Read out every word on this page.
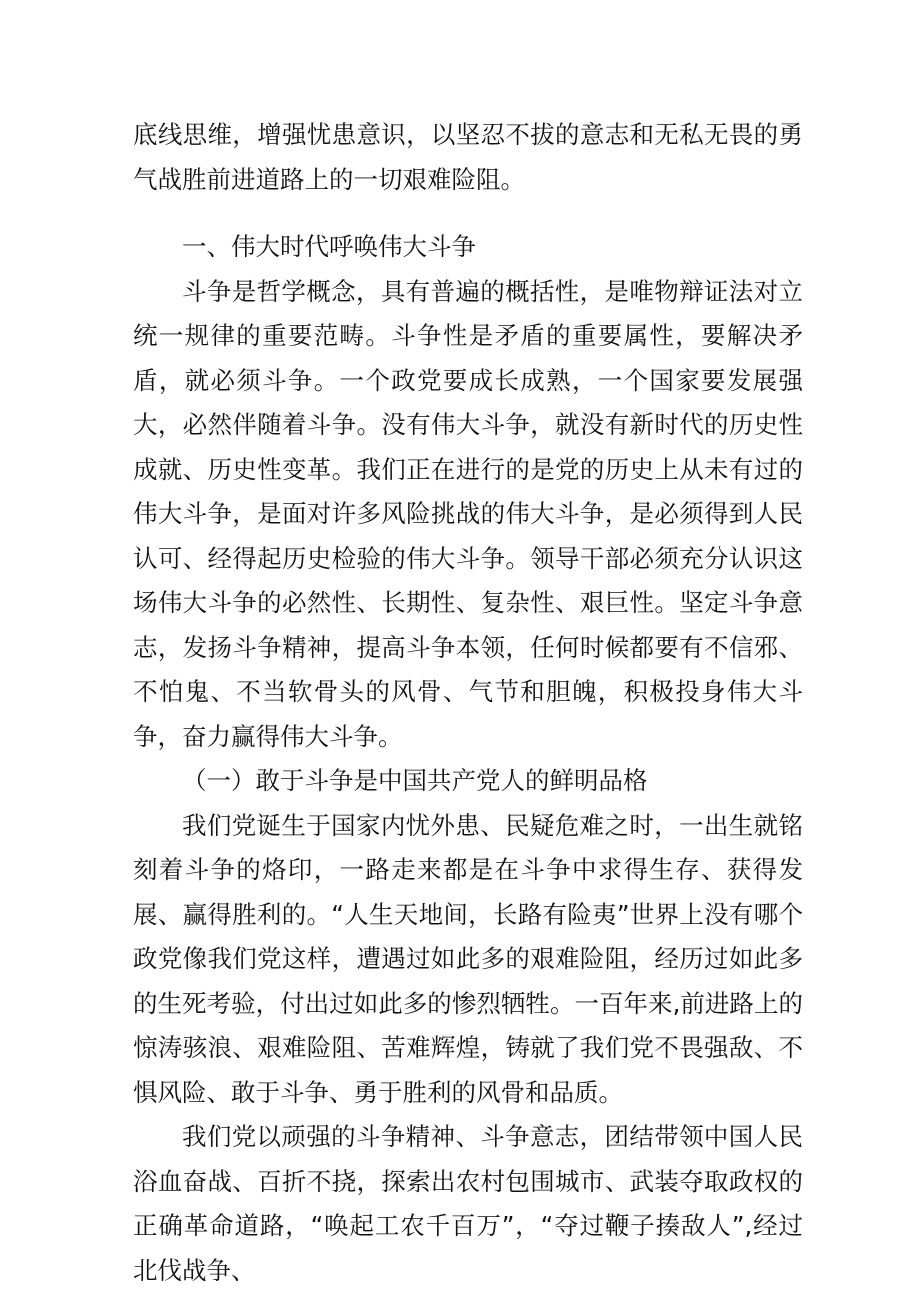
底线思维，增强忧患意识，以坚忍不拔的意志和无私无畏的勇气战胜前进道路上的一切艰难险阻。

一、伟大时代呼唤伟大斗争

斗争是哲学概念，具有普遍的概括性，是唯物辩证法对立统一规律的重要范畴。斗争性是矛盾的重要属性，要解决矛盾，就必须斗争。一个政党要成长成熟，一个国家要发展强大，必然伴随着斗争。没有伟大斗争，就没有新时代的历史性成就、历史性变革。我们正在进行的是党的历史上从未有过的伟大斗争，是面对许多风险挑战的伟大斗争，是必须得到人民认可、经得起历史检验的伟大斗争。领导干部必须充分认识这场伟大斗争的必然性、长期性、复杂性、艰巨性。坚定斗争意志，发扬斗争精神，提高斗争本领，任何时候都要有不信邪、不怕鬼、不当软骨头的风骨、气节和胆魄，积极投身伟大斗争，奋力赢得伟大斗争。

（一）敢于斗争是中国共产党人的鲜明品格

我们党诞生于国家内忧外患、民疑危难之时，一出生就铭刻着斗争的烙印，一路走来都是在斗争中求得生存、获得发展、赢得胜利的。“人生天地间，长路有险夷”世界上没有哪个政党像我们党这样，遭遇过如此多的艰难险阻，经历过如此多的生死考验，付出过如此多的惨烈牺牲。一百年来,前进路上的惊涛骇浪、艰难险阻、苦难辉煌，铸就了我们党不畏强敌、不惧风险、敢于斗争、勇于胜利的风骨和品质。

我们党以顽强的斗争精神、斗争意志，团结带领中国人民浴血奋战、百折不挠，探索出农村包围城市、武装夺取政权的正确革命道路，“唤起工农千百万”，“夺过鞭子揍敌人”,经过北伐战争、
